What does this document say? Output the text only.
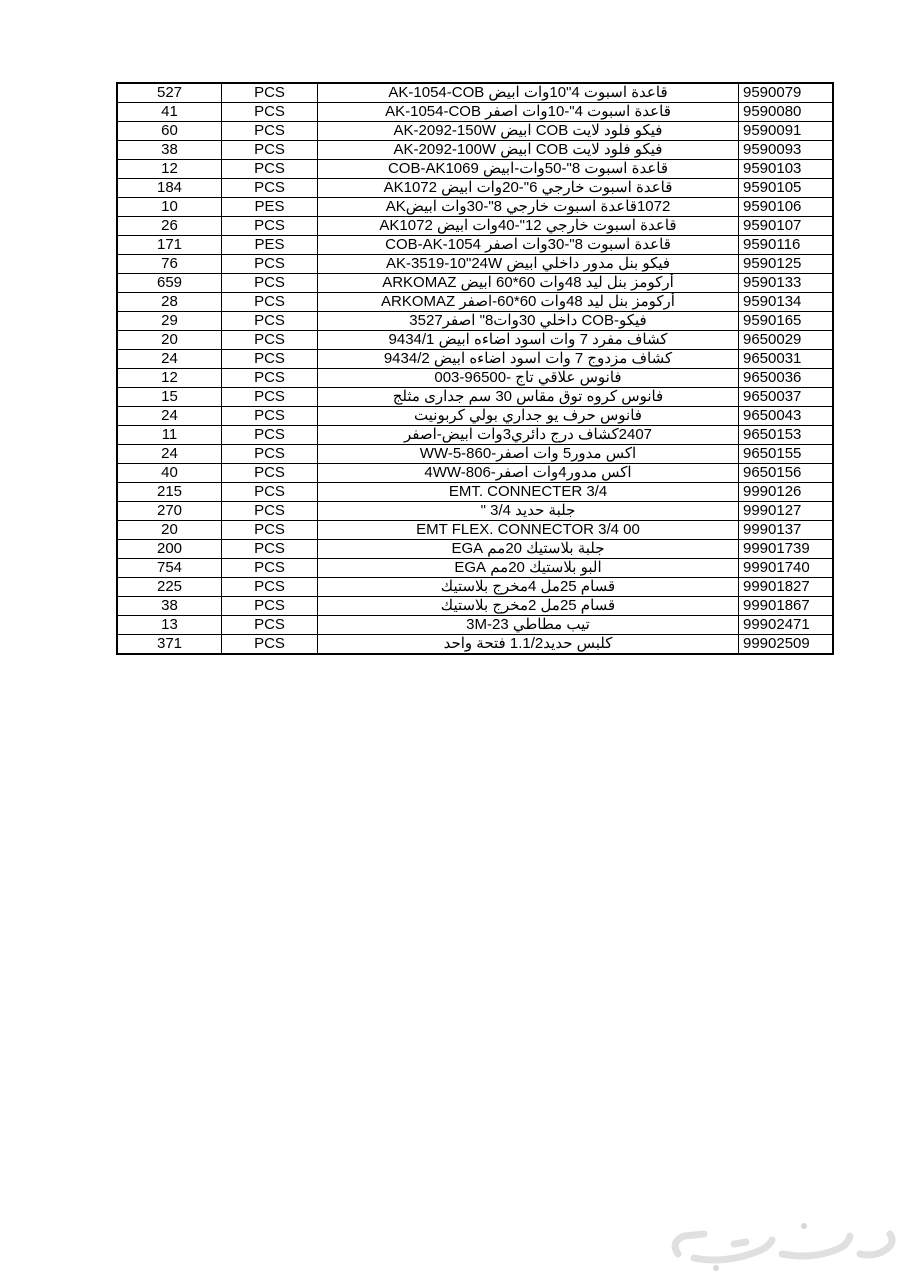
527	PCS	قاعدة اسبوت 4"10وات ابيض AK-1054-COB	9590079
41	PCS	قاعدة اسبوت 4"-10وات اصفر AK-1054-COB	9590080
60	PCS	فيكو فلود لايت COB ابيض AK-2092-150W	9590091
38	PCS	فيكو فلود لايت COB ابيض AK-2092-100W	9590093
12	PCS	قاعدة اسبوت 8"-50وات-ابيض COB-AK1069	9590103
184	PCS	قاعدة اسبوت خارجي 6"-20وات ابيض AK1072	9590105
10	PES	1072قاعدة اسبوت خارجي 8"-30وات ابيضAK	9590106
26	PCS	قاعدة اسبوت خارجي 12"-40وات ابيض AK1072	9590107
171	PES	قاعدة اسبوت 8"-30وات اصفر COB-AK-1054	9590116
76	PCS	فيكو بنل مدور داخلي ابيض AK-3519-10"24W	9590125
659	PCS	أركومز بنل ليد 48وات 60*60 ابيض ARKOMAZ	9590133
28	PCS	أركومز بنل ليد 48وات 60*60-اصفر ARKOMAZ	9590134
29	PCS	فيكو-COB داخلي 30وات8" اصفر3527	9590165
20	PCS	كشاف مفرد 7 وات اسود اضاءه ابيض 9434/1	9650029
24	PCS	كشاف مزدوج 7 وات اسود اضاءه ابيض 9434/2	9650031
12	PCS	فانوس علاقي تاج -96500-003	9650036
15	PCS	فانوس كروه توق مقاس 30 سم جدارى مثلج	9650037
24	PCS	فانوس حرف يو جداري بولي كربونيت	9650043
11	PCS	2407كشاف درج دائري3وات ابيض-اصفر	9650153
24	PCS	اكس مدور5 وات اصفر-WW-5-860	9650155
40	PCS	اكس مدور4وات اصفر-4WW-806	9650156
215	PCS	EMT. CONNECTER 3/4	9990126
270	PCS	جلبة حديد 3/4 "	9990127
20	PCS	EMT FLEX. CONNECTOR 3/4 00	9990137
200	PCS	جلبة بلاستيك 20مم EGA	99901739
754	PCS	البو بلاستيك 20مم EGA	99901740
225	PCS	قسام 25مل 4مخرج بلاستيك	99901827
38	PCS	قسام 25مل 2مخرج بلاستيك	99901867
13	PCS	تيب مطاطي 3M-23	99902471
371	PCS	كلبس حديد1.1/2 فتحة واحد	99902509
